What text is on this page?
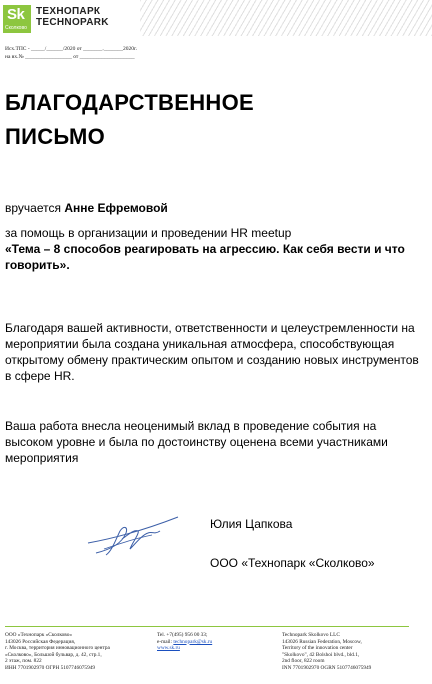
Sk
Сколково
ТЕХНОПАРК
TECHNOPARK
Исх.ТПС - _____/______/2020 от _______._______2020г.
на вх.№ _________________ от ____________________
БЛАГОДАРСТВЕННОЕ
ПИСЬМО
вручается Анне Ефремовой
за помощь в организации и проведении HR meetup
«Тема – 8 способов реагировать на агрессию. Как себя вести и что говорить».
Благодаря вашей активности, ответственности и целеустремленности на мероприятии была создана уникальная атмосфера, способствующая открытому обмену практическим опытом и созданию новых инструментов в сфере HR.
Ваша работа внесла неоценимый вклад в проведение события на высоком уровне и была по достоинству оценена всеми участниками мероприятия
Юлия Цапкова
ООО «Технопарк «Сколково»
ООО «Технопарк «Сколково»
143026 Российская Федерация,
г. Москва, территория инновационного центра
«Сколково», Большой бульвар, д. 42, стр.1,
2 этаж, пом. 822
ИНН 7701902970 ОГРН 5107746075949
Tel. +7(495) 956 00 33;
e-mail: technopark@sk.ru
www.sk.ru
Technopark Skolkovo LLC
143026 Russian Federation, Moscow,
Territory of the innovation center
"Skolkovo", 42 Bolshoi blvd., bld.1,
2nd floor, 822 room
INN 7701902970 OGRN 5107746075949
